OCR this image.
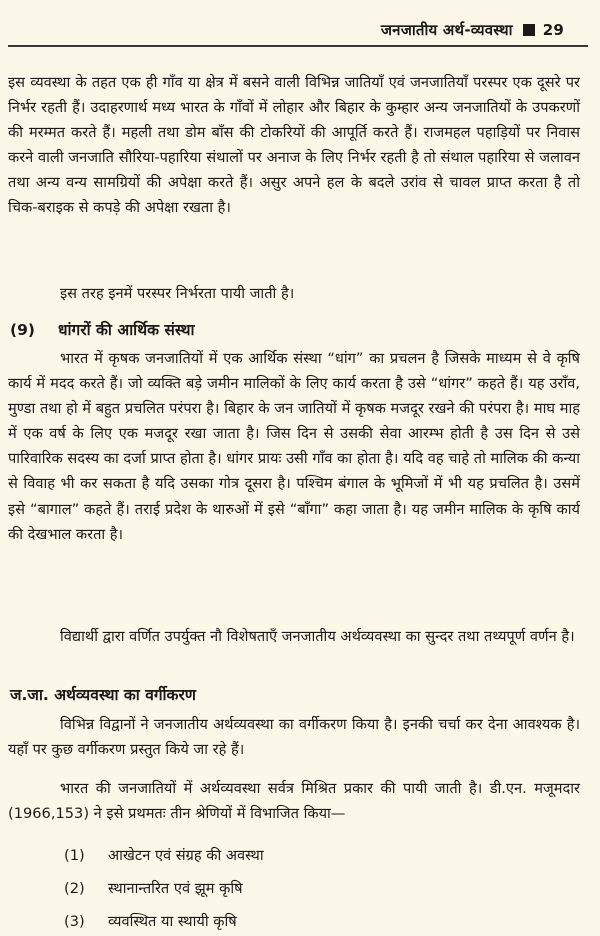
जनजातीय अर्थ-व्यवस्था 29

इस व्यवस्था के तहत एक ही गाँव या क्षेत्र में बसने वाली विभिन्न जातियाँ एवं जनजातियाँ परस्पर एक दूसरे पर निर्भर रहती हैं। उदाहरणार्थ मध्य भारत के गाँवों में लोहार और बिहार के कुम्हार अन्य जनजातियों के उपकरणों की मरम्मत करते हैं। महली तथा डोम बाँस की टोकरियों की आपूर्ति करते हैं। राजमहल पहाड़ियों पर निवास करने वाली जनजाति सौरिया-पहारिया संथालों पर अनाज के लिए निर्भर रहती है तो संथाल पहारिया से जलावन तथा अन्य वन्य सामग्रियों की अपेक्षा करते हैं। असुर अपने हल के बदले उरांव से चावल प्राप्त करता है तो चिक-बराइक से कपड़े की अपेक्षा रखता है।

इस तरह इनमें परस्पर निर्भरता पायी जाती है।

(9) धांगरों की आर्थिक संस्था

भारत में कृषक जनजातियों में एक आर्थिक संस्था “धांग” का प्रचलन है जिसके माध्यम से वे कृषि कार्य में मदद करते हैं। जो व्यक्ति बड़े जमीन मालिकों के लिए कार्य करता है उसे “धांगर” कहते हैं। यह उराँव, मुण्डा तथा हो में बहुत प्रचलित परंपरा है। बिहार के जन जातियों में कृषक मजदूर रखने की परंपरा है। माघ माह में एक वर्ष के लिए एक मजदूर रखा जाता है। जिस दिन से उसकी सेवा आरम्भ होती है उस दिन से उसे पारिवारिक सदस्य का दर्जा प्राप्त होता है। धांगर प्रायः उसी गाँव का होता है। यदि वह चाहे तो मालिक की कन्या से विवाह भी कर सकता है यदि उसका गोत्र दूसरा है। पश्चिम बंगाल के भूमिजों में भी यह प्रचलित है। उसमें इसे “बागाल” कहते हैं। तराई प्रदेश के थारुओं में इसे “बाँगा” कहा जाता है। यह जमीन मालिक के कृषि कार्य की देखभाल करता है।

विद्यार्थी द्वारा वर्णित उपर्युक्त नौ विशेषताएँ जनजातीय अर्थव्यवस्था का सुन्दर तथा तथ्यपूर्ण वर्णन है।

ज.जा. अर्थव्यवस्था का वर्गीकरण

विभिन्न विद्वानों ने जनजातीय अर्थव्यवस्था का वर्गीकरण किया है। इनकी चर्चा कर देना आवश्यक है। यहाँ पर कुछ वर्गीकरण प्रस्तुत किये जा रहे हैं।

भारत की जनजातियों में अर्थव्यवस्था सर्वत्र मिश्रित प्रकार की पायी जाती है। डी.एन. मजूमदार (1966,153) ने इसे प्रथमतः तीन श्रेणियों में विभाजित किया—

(1) आखेटन एवं संग्रह की अवस्था
(2) स्थानान्तरित एवं झूम कृषि
(3) व्यवस्थित या स्थायी कृषि
